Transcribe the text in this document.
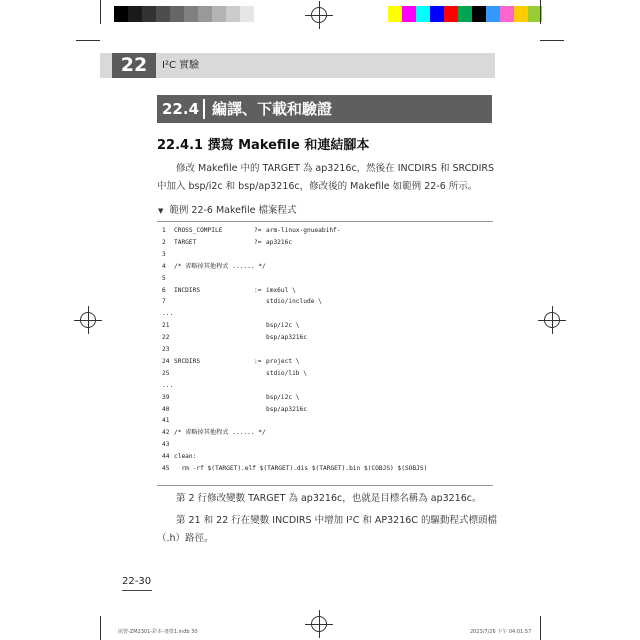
22	I²C 實驗
22.4 編譯、下載和驗證
22.4.1 撰寫 Makefile 和連結腳本
修改 Makefile 中的 TARGET 為 ap3216c，然後在 INCDIRS 和 SRCDIRS
中加入 bsp/i2c 和 bsp/ap3216c，修改後的 Makefile 如範例 22-6 所示。
▼ 範例 22-6 Makefile 檔案程式
1 CROSS_COMPILE	?= arm-linux-gnueabihf-
2 TARGET	?= ap3216c
3
4 /* 省略掉其他程式 ...... */
5
6 INCDIRS	:= imx6ul \
7	stdio/include \
...
21	bsp/i2c \
22	bsp/ap3216c
23
24 SRCDIRS	:= project \
25	stdio/lib \
...
39	bsp/i2c \
40	bsp/ap3216c
41
42 /* 省略掉其他程式 ...... */
43
44 clean:
45 rm -rf $(TARGET).elf $(TARGET).dis $(TARGET).bin $(COBJS) $(SOBJS)
第 2 行修改變數 TARGET 為 ap3216c，也就是目標名稱為 ap3216c。
第 21 和 22 行在變數 INCDIRS 中增加 I²C 和 AP3216C 的驅動程式標頭檔
（.h）路徑。
22-30
嵌智-ZM2301-彩本-書排1.indb 30	2023/7/26 下午 04:01:57
